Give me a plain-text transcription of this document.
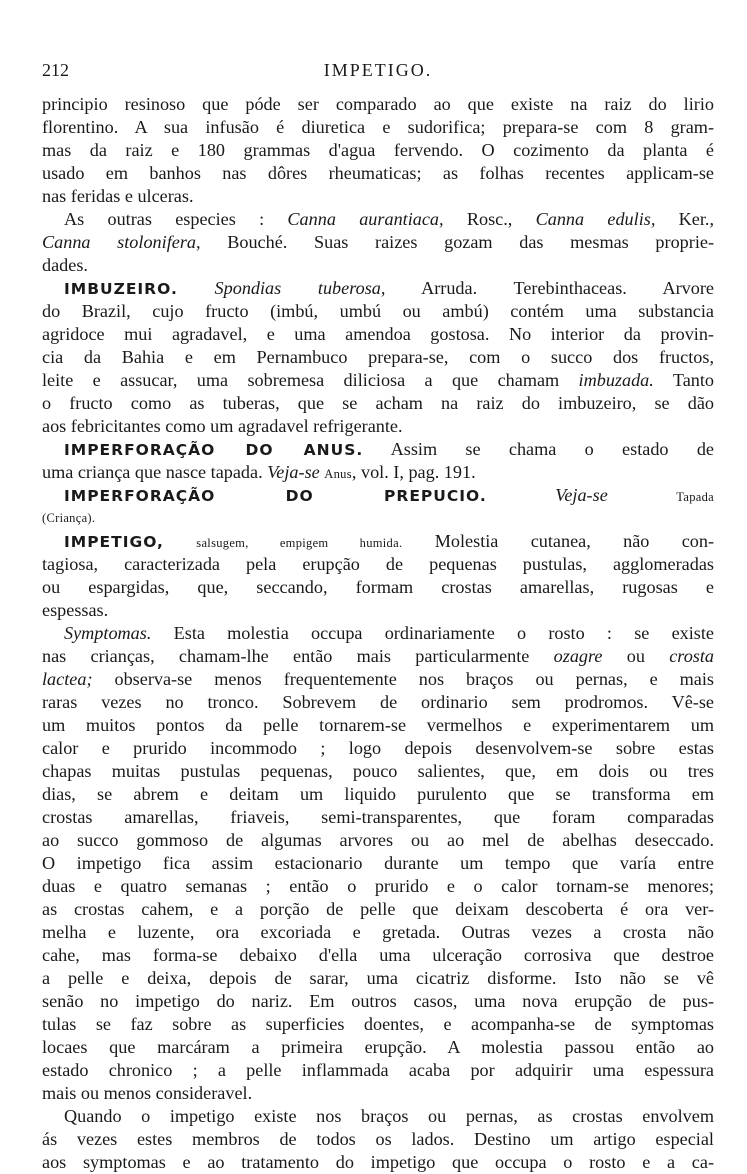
212	IMPETIGO.
principio resinoso que póde ser comparado ao que existe na raiz do lirio
florentino. A sua infusão é diuretica e sudorifica; prepara-se com 8 gram-
mas da raiz e 180 grammas d'agua fervendo. O cozimento da planta é
usado em banhos nas dôres rheumaticas; as folhas recentes applicam-se
nas feridas e ulceras.
As outras especies : Canna aurantiaca, Rosc., Canna edulis, Ker.,
Canna stolonifera, Bouché. Suas raizes gozam das mesmas proprie-
dades.
IMBUZEIRO. Spondias tuberosa, Arruda. Terebinthaceas. Arvore
do Brazil, cujo fructo (imbú, umbú ou ambú) contém uma substancia
agridoce mui agradavel, e uma amendoa gostosa. No interior da provin-
cia da Bahia e em Pernambuco prepara-se, com o succo dos fructos,
leite e assucar, uma sobremesa diliciosa a que chamam imbuzada. Tanto
o fructo como as tuberas, que se acham na raiz do imbuzeiro, se dão
aos febricitantes como um agradavel refrigerante.
IMPERFORAÇÃO DO ANUS. Assim se chama o estado de
uma criança que nasce tapada. Veja-se Anus, vol. I, pag. 191.
IMPERFORAÇÃO DO PREPUCIO.	Veja-se	Tapada
(Criança).
IMPETIGO,	salsugem, empigem humida. Molestia cutanea, não con-
tagiosa, caracterizada pela erupção de pequenas pustulas, agglomeradas
ou espargidas, que, seccando, formam crostas amarellas, rugosas e
espessas.
Symptomas. Esta molestia occupa ordinariamente o rosto : se existe
nas crianças, chamam-lhe então mais particularmente ozagre ou crosta
lactea; observa-se menos frequentemente nos braços ou pernas, e mais
raras vezes no tronco. Sobrevem de ordinario sem prodromos. Vê-se
um muitos pontos da pelle tornarem-se vermelhos e experimentarem um
calor e prurido incommodo ; logo depois desenvolvem-se sobre estas
chapas muitas pustulas pequenas, pouco salientes, que, em dois ou tres
dias, se abrem e deitam um liquido purulento que se transforma em
crostas amarellas, friaveis, semi-transparentes, que foram comparadas
ao succo gommoso de algumas arvores ou ao mel de abelhas deseccado.
O impetigo fica assim estacionario durante um tempo que varía entre
duas e quatro semanas ; então o prurido e o calor tornam-se menores;
as crostas cahem, e a porção de pelle que deixam descoberta é ora ver-
melha e luzente, ora excoriada e gretada. Outras vezes a crosta não
cahe, mas forma-se debaixo d'ella uma ulceração corrosiva que destroe
a pelle e deixa, depois de sarar, uma cicatriz disforme. Isto não se vê
senão no impetigo do nariz. Em outros casos, uma nova erupção de pus-
tulas se faz sobre as superficies doentes, e acompanha-se de symptomas
locaes que marcáram a primeira erupção. A molestia passou então ao
estado chronico ; a pelle inflammada acaba por adquirir uma espessura
mais ou menos consideravel.
Quando o impetigo existe nos braços ou pernas, as crostas envolvem
ás vezes estes membros de todos os lados. Destino um artigo especial
aos symptomas e ao tratamento do impetigo que occupa o rosto e a ca-
